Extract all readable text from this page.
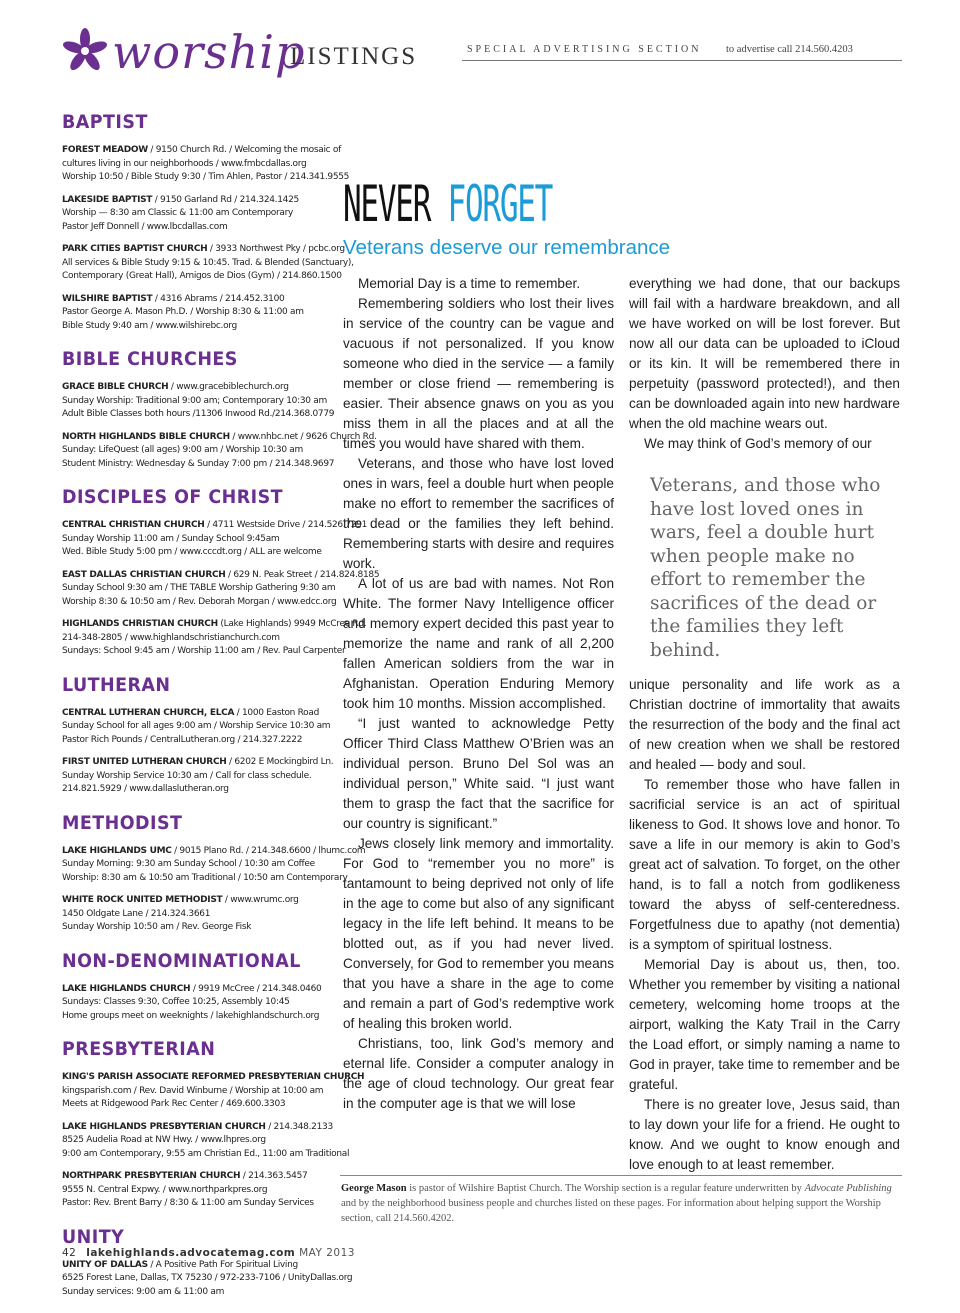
worship
LISTINGS	SPECIAL ADVERTISING SECTION to advertise call 214.560.4203
BAPTIST
FOREST MEADOW / 9150 Church Rd. / Welcoming the mosaic of
cultures living in our neighborhoods / www.fmbcdallas.org
Worship 10:50 / Bible Study 9:30 / Tim Ahlen, Pastor / 214.341.9555
LAKESIDE BAPTIST / 9150 Garland Rd / 214.324.1425
Worship — 8:30 am Classic & 11:00 am Contemporary
Pastor Jeff Donnell / www.lbcdallas.com
PARK CITIES BAPTIST CHURCH / 3933 Northwest Pky / pcbc.org
All services & Bible Study 9:15 & 10:45. Trad. & Blended (Sanctuary),
Contemporary (Great Hall), Amigos de Dios (Gym) / 214.860.1500
WILSHIRE BAPTIST / 4316 Abrams / 214.452.3100
Pastor George A. Mason Ph.D. / Worship 8:30 & 11:00 am
Bible Study 9:40 am / www.wilshirebc.org
BIBLE CHURCHES
GRACE BIBLE CHURCH / www.gracebiblechurch.org
Sunday Worship: Traditional 9:00 am; Contemporary 10:30 am
Adult Bible Classes both hours /11306 Inwood Rd./214.368.0779
NORTH HIGHLANDS BIBLE CHURCH / www.nhbc.net / 9626 Church Rd.
Sunday: LifeQuest (all ages) 9:00 am / Worship 10:30 am
Student Ministry: Wednesday & Sunday 7:00 pm / 214.348.9697
DISCIPLES OF CHRIST
CENTRAL CHRISTIAN CHURCH / 4711 Westside Drive / 214.526.7291
Sunday Worship 11:00 am / Sunday School 9:45am
Wed. Bible Study 5:00 pm / www.cccdt.org / ALL are welcome
EAST DALLAS CHRISTIAN CHURCH / 629 N. Peak Street / 214.824.8185
Sunday School 9:30 am / THE TABLE Worship Gathering 9:30 am
Worship 8:30 & 10:50 am / Rev. Deborah Morgan / www.edcc.org
HIGHLANDS CHRISTIAN CHURCH (Lake Highlands) 9949 McCree Rd.
214-348-2805 / www.highlandschristianchurch.com
Sundays: School 9:45 am / Worship 11:00 am / Rev. Paul Carpenter
LUTHERAN
CENTRAL LUTHERAN CHURCH, ELCA / 1000 Easton Road
Sunday School for all ages 9:00 am / Worship Service 10:30 am
Pastor Rich Pounds / CentralLutheran.org / 214.327.2222
FIRST UNITED LUTHERAN CHURCH / 6202 E Mockingbird Ln.
Sunday Worship Service 10:30 am / Call for class schedule.
214.821.5929 / www.dallaslutheran.org
METHODIST
LAKE HIGHLANDS UMC / 9015 Plano Rd. / 214.348.6600 / lhumc.com
Sunday Morning: 9:30 am Sunday School / 10:30 am Coffee
Worship: 8:30 am & 10:50 am Traditional / 10:50 am Contemporary
WHITE ROCK UNITED METHODIST / www.wrumc.org
1450 Oldgate Lane / 214.324.3661
Sunday Worship 10:50 am / Rev. George Fisk
NON-DENOMINATIONAL
LAKE HIGHLANDS CHURCH / 9919 McCree / 214.348.0460
Sundays: Classes 9:30, Coffee 10:25, Assembly 10:45
Home groups meet on weeknights / lakehighlandschurch.org
PRESBYTERIAN
KING'S PARISH ASSOCIATE REFORMED PRESBYTERIAN CHURCH
kingsparish.com / Rev. David Winburne / Worship at 10:00 am
Meets at Ridgewood Park Rec Center / 469.600.3303
LAKE HIGHLANDS PRESBYTERIAN CHURCH / 214.348.2133
8525 Audelia Road at NW Hwy. / www.lhpres.org
9:00 am Contemporary, 9:55 am Christian Ed., 11:00 am Traditional
NORTHPARK PRESBYTERIAN CHURCH / 214.363.5457
9555 N. Central Expwy. / www.northparkpres.org
Pastor: Rev. Brent Barry / 8:30 & 11:00 am Sunday Services
UNITY
UNITY OF DALLAS / A Positive Path For Spiritual Living
6525 Forest Lane, Dallas, TX 75230 / 972-233-7106 / UnityDallas.org
Sunday services: 9:00 am & 11:00 am
NEVER FORGET
Veterans deserve our remembrance

Memorial Day is a time to remember.

Remembering soldiers who lost their lives in service of the country can be vague and vacuous if not personalized. If you know someone who died in the service — a family member or close friend — remembering is easier. Their absence gnaws on you as you miss them in all the places and at all the times you would have shared with them.

Veterans, and those who have lost loved ones in wars, feel a double hurt when people make no effort to remember the sacrifices of the dead or the families they left behind. Remembering starts with desire and requires work.

A lot of us are bad with names. Not Ron White. The former Navy Intelligence officer and memory expert decided this past year to memorize the name and rank of all 2,200 fallen American soldiers from the war in Afghanistan. Operation Enduring Memory took him 10 months. Mission accomplished.

“I just wanted to acknowledge Petty Officer Third Class Matthew O’Brien was an individual person. Bruno Del Sol was an individual person,” White said. “I just want them to grasp the fact that the sacrifice for our country is significant.”

Jews closely link memory and immortality. For God to “remember you no more” is tantamount to being deprived not only of life in the age to come but also of any significant legacy in the life left behind. It means to be blotted out, as if you had never lived. Conversely, for God to remember you means that you have a share in the age to come and remain a part of God’s redemptive work of healing this broken world.

Christians, too, link God’s memory and eternal life. Consider a computer analogy in the age of cloud technology. Our great fear in the computer age is that we will lose

everything we had done, that our backups will fail with a hardware breakdown, and all we have worked on will be lost forever. But now all our data can be uploaded to iCloud or its kin. It will be remembered there in perpetuity (password protected!), and then can be downloaded again into new hardware when the old machine wears out.

We may think of God’s memory of our

Veterans, and those who have lost loved ones in wars, feel a double hurt when people make no effort to remember the sacrifices of the dead or the families they left behind.

unique personality and life work as a Christian doctrine of immortality that awaits the resurrection of the body and the final act of new creation when we shall be restored and healed — body and soul.

To remember those who have fallen in sacrificial service is an act of spiritual likeness to God. It shows love and honor. To save a life in our memory is akin to God’s great act of salvation. To forget, on the other hand, is to fall a notch from godlikeness toward the abyss of self-centeredness. Forgetfulness due to apathy (not dementia) is a symptom of spiritual lostness.

Memorial Day is about us, then, too. Whether you remember by visiting a national cemetery, welcoming home troops at the airport, walking the Katy Trail in the Carry the Load effort, or simply naming a name to God in prayer, take time to remember and be grateful.

There is no greater love, Jesus said, than to lay down your life for a friend. He ought to know. And we ought to know enough and love enough to at least remember.

George Mason is pastor of Wilshire Baptist Church. The Worship section is a regular feature underwritten by Advocate Publishing and by the neighborhood business people and churches listed on these pages. For information about helping support the Worship section, call 214.560.4202.
42 lakehighlands.advocatemag.com MAY 2013
